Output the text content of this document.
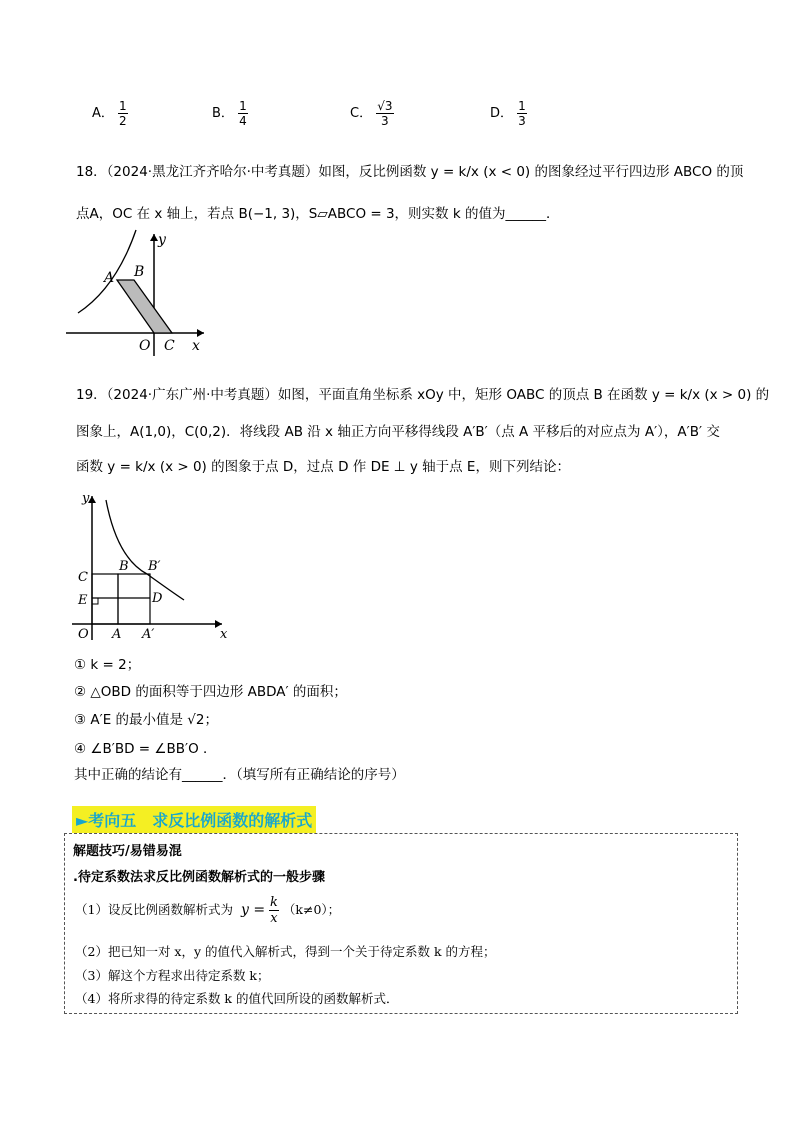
A． $\frac{1}{2}$	B． $\frac{1}{4}$	C． $\frac{√3}{3}$	D． $\frac{1}{3}$
18．（2024·黑龙江齐齐哈尔·中考真题）如图，反比例函数 y = k/x (x < 0) 的图象经过平行四边形 ABCO 的顶
点A，OC 在 x 轴上，若点 B(−1, 3)，S▱ABCO = 3，则实数 k 的值为______．
y
A B
O C x
19．（2024·广东广州·中考真题）如图，平面直角坐标系 xOy 中，矩形 OABC 的顶点 B 在函数 y = k/x (x > 0) 的
图象上，A(1,0)，C(0,2)．将线段 AB 沿 x 轴正方向平移得线段 A′B′（点 A 平移后的对应点为 A′），A′B′ 交
函数 y = k/x (x > 0) 的图象于点 D，过点 D 作 DE ⊥ y 轴于点 E，则下列结论：
y
C
B B′
E	D
O A A′	x
① k = 2；
② △OBD 的面积等于四边形 ABDA′ 的面积；
③ A′E 的最小值是 √2；
④ ∠B′BD = ∠BB′O ．
其中正确的结论有______．（填写所有正确结论的序号）
►考向五　求反比例函数的解析式
解题技巧/易错易混
.待定系数法求反比例函数解析式的一般步骤
（1）设反比例函数解析式为 $y = \frac{k}{x} (k\ne 0)$；
（2）把已知一对 x，y 的值代入解析式，得到一个关于待定系数 k 的方程；
（3）解这个方程求出待定系数 k；
（4）将所求得的待定系数 k 的值代回所设的函数解析式．
